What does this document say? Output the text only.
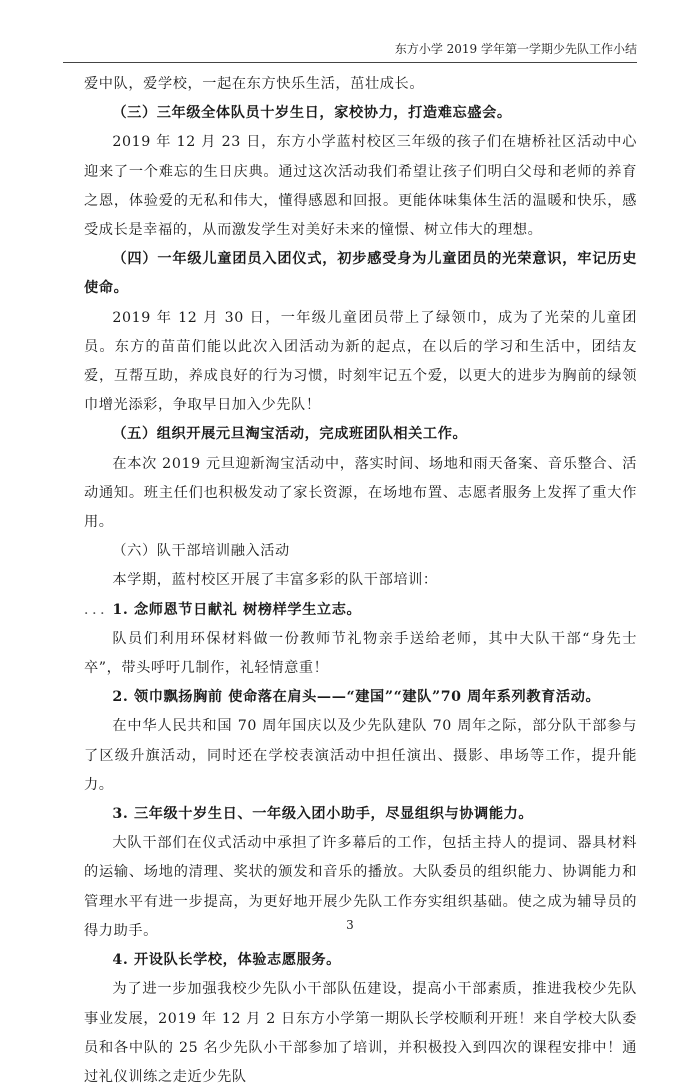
东方小学 2019 学年第一学期少先队工作小结

爱中队，爱学校，一起在东方快乐生活，茁壮成长。

（三）三年级全体队员十岁生日，家校协力，打造难忘盛会。

2019 年 12 月 23 日，东方小学蓝村校区三年级的孩子们在塘桥社区活动中心迎来了一个难忘的生日庆典。通过这次活动我们希望让孩子们明白父母和老师的养育之恩，体验爱的无私和伟大，懂得感恩和回报。更能体味集体生活的温暖和快乐，感受成长是幸福的，从而激发学生对美好未来的憧憬、树立伟大的理想。

（四）一年级儿童团员入团仪式，初步感受身为儿童团员的光荣意识，牢记历史使命。

2019 年 12 月 30 日，一年级儿童团员带上了绿领巾，成为了光荣的儿童团员。东方的苗苗们能以此次入团活动为新的起点，在以后的学习和生活中，团结友爱，互帮互助，养成良好的行为习惯，时刻牢记五个爱，以更大的进步为胸前的绿领巾增光添彩，争取早日加入少先队！

（五）组织开展元旦淘宝活动，完成班团队相关工作。

在本次 2019 元旦迎新淘宝活动中，落实时间、场地和雨天备案、音乐整合、活动通知。班主任们也积极发动了家长资源，在场地布置、志愿者服务上发挥了重大作用。

（六）队干部培训融入活动

本学期，蓝村校区开展了丰富多彩的队干部培训：

．．．1. 念师恩节日献礼 树榜样学生立志。

队员们利用环保材料做一份教师节礼物亲手送给老师，其中大队干部“身先士卒”，带头呼吁几制作，礼轻情意重！

2. 领巾飘扬胸前 使命落在肩头——“建国”“建队”70 周年系列教育活动。

在中华人民共和国 70 周年国庆以及少先队建队 70 周年之际，部分队干部参与了区级升旗活动，同时还在学校表演活动中担任演出、摄影、串场等工作，提升能力。

3. 三年级十岁生日、一年级入团小助手，尽显组织与协调能力。

大队干部们在仪式活动中承担了许多幕后的工作，包括主持人的提词、器具材料的运输、场地的清理、奖状的颁发和音乐的播放。大队委员的组织能力、协调能力和管理水平有进一步提高，为更好地开展少先队工作夯实组织基础。使之成为辅导员的得力助手。

4. 开设队长学校，体验志愿服务。

为了进一步加强我校少先队小干部队伍建设，提高小干部素质，推进我校少先队事业发展，2019 年 12 月 2 日东方小学第一期队长学校顺利开班！来自学校大队委员和各中队的 25 名少先队小干部参加了培训，并积极投入到四次的课程安排中！通过礼仪训练之走近少先队

3
